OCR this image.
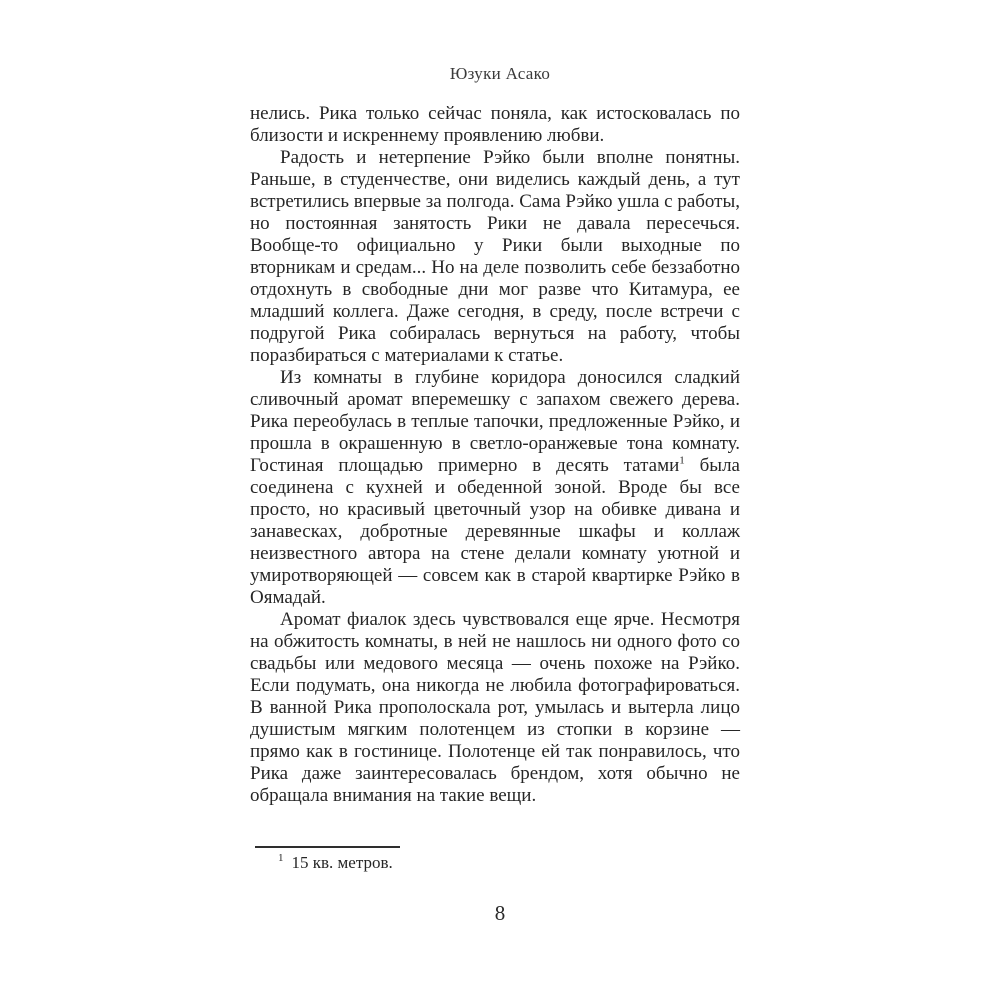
Юзуки Асако

нелись. Рика только сейчас поняла, как истосковалась по близости и искреннему проявлению любви.

Радость и нетерпение Рэйко были вполне понятны. Раньше, в студенчестве, они виделись каждый день, а тут встретились впервые за полгода. Сама Рэйко ушла с работы, но постоянная занятость Рики не давала пересечься. Вообще-то официально у Рики были выходные по вторникам и средам... Но на деле позволить себе беззаботно отдохнуть в свободные дни мог разве что Китамура, ее младший коллега. Даже сегодня, в среду, после встречи с подругой Рика собиралась вернуться на работу, чтобы поразбираться с материалами к статье.

Из комнаты в глубине коридора доносился сладкий сливочный аромат вперемешку с запахом свежего дерева. Рика переобулась в теплые тапочки, предложенные Рэйко, и прошла в окрашенную в светло-оранжевые тона комнату. Гостиная площадью примерно в десять татами$^1$ была соединена с кухней и обеденной зоной. Вроде бы все просто, но красивый цветочный узор на обивке дивана и занавесках, добротные деревянные шкафы и коллаж неизвестного автора на стене делали комнату уютной и умиротворяющей — совсем как в старой квартирке Рэйко в Оямадай.

Аромат фиалок здесь чувствовался еще ярче. Несмотря на обжитость комнаты, в ней не нашлось ни одного фото со свадьбы или медового месяца — очень похоже на Рэйко. Если подумать, она никогда не любила фотографироваться. В ванной Рика прополоскала рот, умылась и вытерла лицо душистым мягким полотенцем из стопки в корзине — прямо как в гостинице. Полотенце ей так понравилось, что Рика даже заинтересовалась брендом, хотя обычно не обращала внимания на такие вещи.

$^1$ 15 кв. метров.
8
